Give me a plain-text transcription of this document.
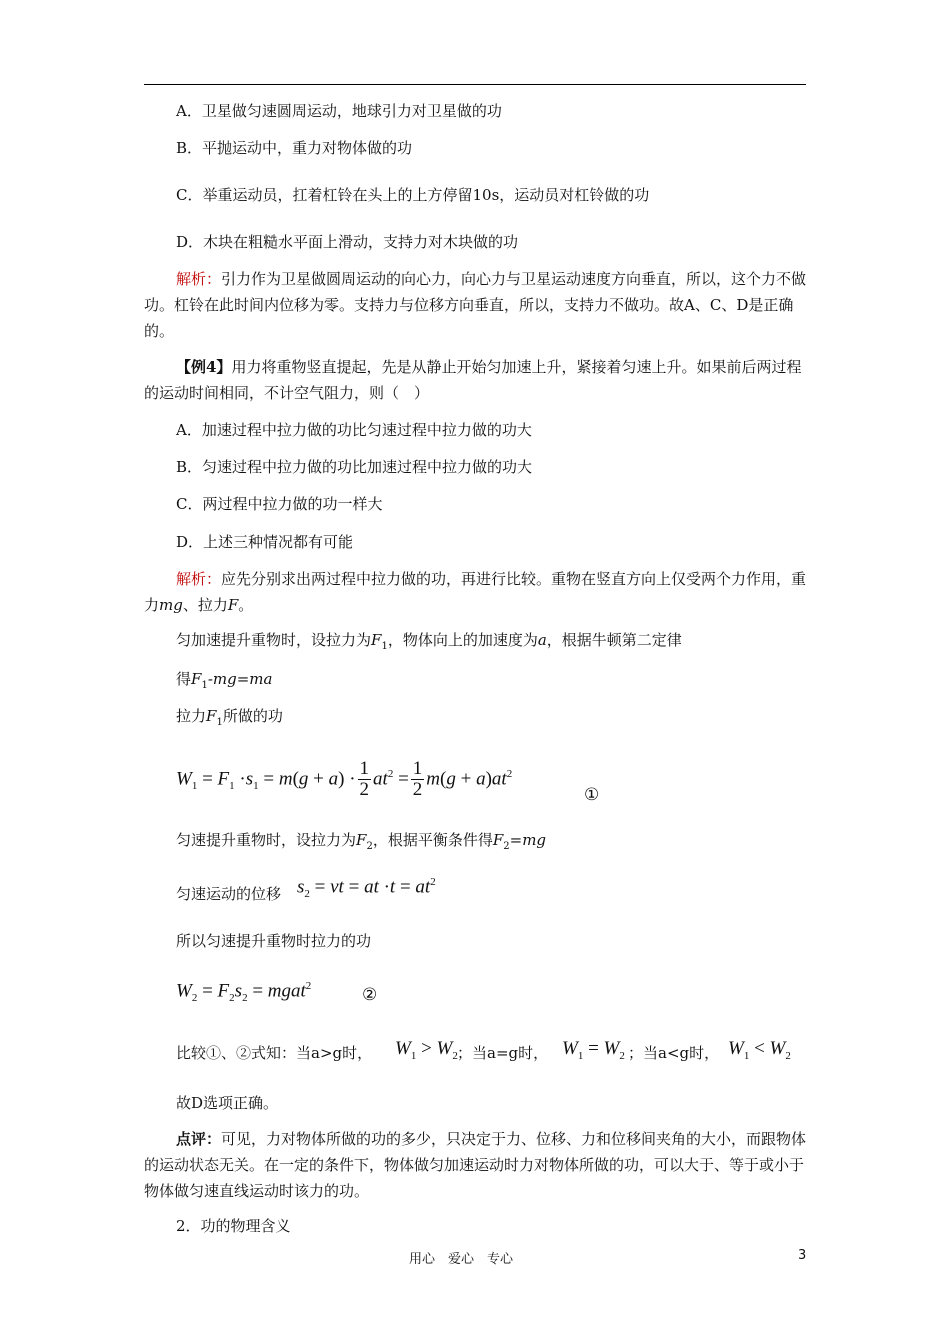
A．卫星做匀速圆周运动，地球引力对卫星做的功
B．平抛运动中，重力对物体做的功
C．举重运动员，扛着杠铃在头上的上方停留10s，运动员对杠铃做的功
D．木块在粗糙水平面上滑动，支持力对木块做的功
解析：引力作为卫星做圆周运动的向心力，向心力与卫星运动速度方向垂直，所以，这个力不做功。杠铃在此时间内位移为零。支持力与位移方向垂直，所以，支持力不做功。故A、C、D是正确的。
【例4】用力将重物竖直提起，先是从静止开始匀加速上升，紧接着匀速上升。如果前后两过程的运动时间相同，不计空气阻力，则（　）
A．加速过程中拉力做的功比匀速过程中拉力做的功大
B．匀速过程中拉力做的功比加速过程中拉力做的功大
C．两过程中拉力做的功一样大
D．上述三种情况都有可能
解析：应先分别求出两过程中拉力做的功，再进行比较。重物在竖直方向上仅受两个力作用，重力mg、拉力F。
匀加速提升重物时，设拉力为$F_1$，物体向上的加速度为a，根据牛顿第二定律
得$F_1-mg=ma$
拉力$F_1$所做的功
$W_1 = F_1 \cdot s_1 = m(g + a) \cdot \frac{1}{2} at^2 = \frac{1}{2} m(g + a)at^2$
①
匀速提升重物时，设拉力为$F_2$，根据平衡条件得$F_2=mg$
匀速运动的位移 $s_2$ = vt = at $\cdot t = at^2$
所以匀速提升重物时拉力的功
$W_2 = F_2s_2$ = mgat$^2$	②
比较①、②式知：当a>g时， $W_1 > W_2$ ；当a=g时， $W_1 = W_2$ ；当a<g时， $W_1 < W_2$
故D选项正确。
点评：可见，力对物体所做的功的多少，只决定于力、位移、力和位移间夹角的大小，而跟物体的运动状态无关。在一定的条件下，物体做匀加速运动时力对物体所做的功，可以大于、等于或小于物体做匀速直线运动时该力的功。
2．功的物理含义
用心　爱心　专心	3
